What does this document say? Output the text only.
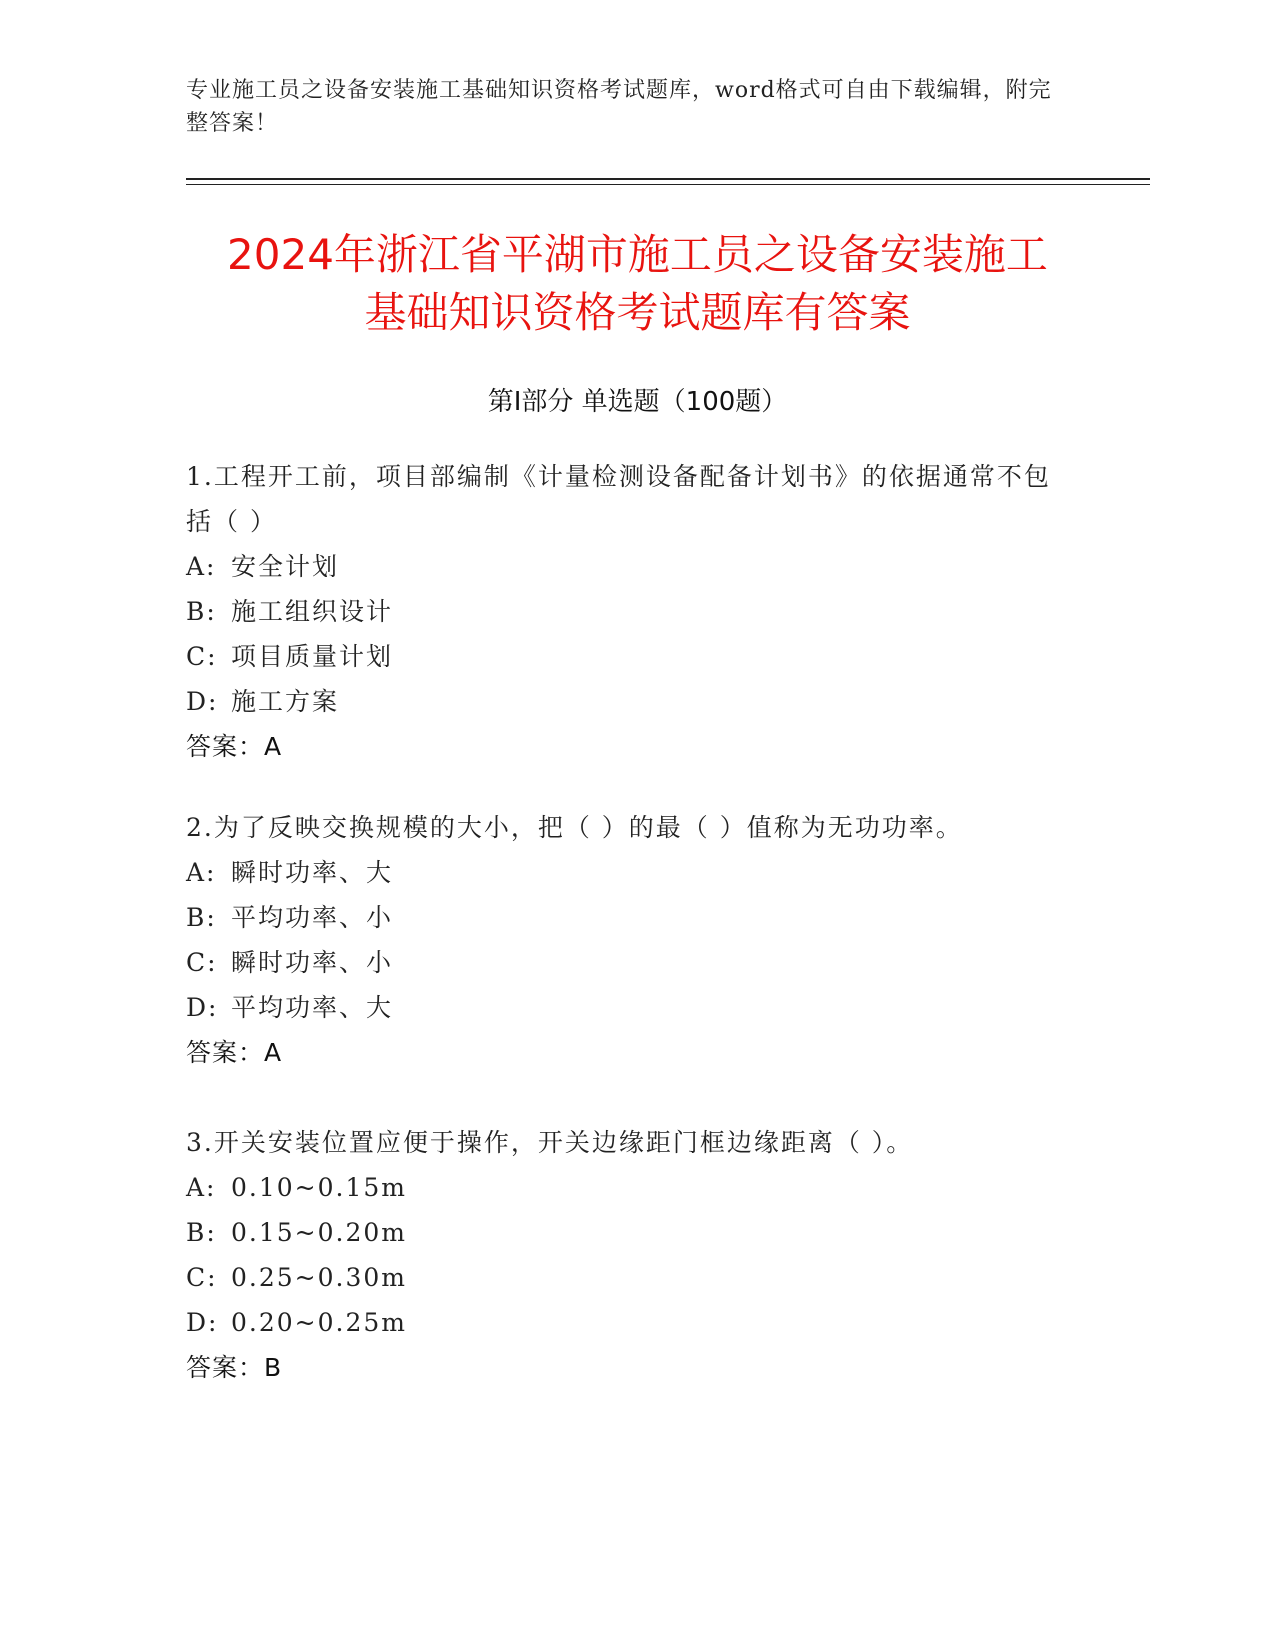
专业施工员之设备安装施工基础知识资格考试题库，word格式可自由下载编辑，附完整答案！
2024年浙江省平湖市施工员之设备安装施工
基础知识资格考试题库有答案
第I部分 单选题（100题）
1.工程开工前，项目部编制《计量检测设备配备计划书》的依据通常不包括（ ）
A: 安全计划
B: 施工组织设计
C: 项目质量计划
D: 施工方案
答案：A
2.为了反映交换规模的大小，把（ ）的最（ ）值称为无功功率。
A: 瞬时功率、大
B: 平均功率、小
C: 瞬时功率、小
D: 平均功率、大
答案：A
3.开关安装位置应便于操作，开关边缘距门框边缘距离（ ）。
A: 0.10~0.15m
B: 0.15~0.20m
C: 0.25~0.30m
D: 0.20~0.25m
答案：B
